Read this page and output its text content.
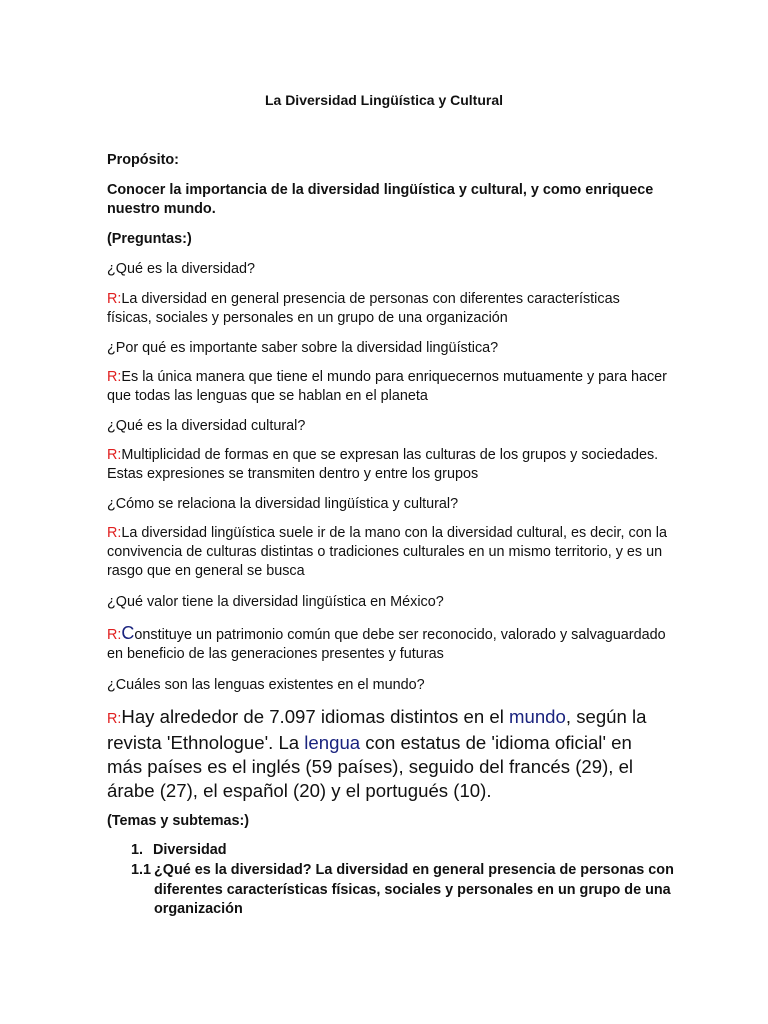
La Diversidad Lingüística y Cultural
Propósito:
Conocer la importancia de la diversidad lingüística y cultural, y como enriquece nuestro mundo.
(Preguntas:)
¿Qué es la diversidad?
R:La diversidad en general presencia de personas con diferentes características físicas, sociales y personales en un grupo de una organización
¿Por qué es importante saber sobre la diversidad lingüística?
R:Es la única manera que tiene el mundo para enriquecernos mutuamente y para hacer que todas las lenguas que se hablan en el planeta
¿Qué es la diversidad cultural?
R:Multiplicidad de formas en que se expresan las culturas de los grupos y sociedades. Estas expresiones se transmiten dentro y entre los grupos
¿Cómo se relaciona la diversidad lingüística y cultural?
R:La diversidad lingüística suele ir de la mano con la diversidad cultural, es decir, con la convivencia de culturas distintas o tradiciones culturales en un mismo territorio, y es un rasgo que en general se busca
¿Qué valor tiene la diversidad lingüística en México?
R:Constituye un patrimonio común que debe ser reconocido, valorado y salvaguardado en beneficio de las generaciones presentes y futuras
¿Cuáles son las lenguas existentes en el mundo?
R:Hay alrededor de 7.097 idiomas distintos en el mundo, según la revista 'Ethnologue'. La lengua con estatus de 'idioma oficial' en más países es el inglés (59 países), seguido del francés (29), el árabe (27), el español (20) y el portugués (10).
(Temas y subtemas:)
1. Diversidad
1.1 ¿Qué es la diversidad? La diversidad en general presencia de personas con diferentes características físicas, sociales y personales en un grupo de una organización
